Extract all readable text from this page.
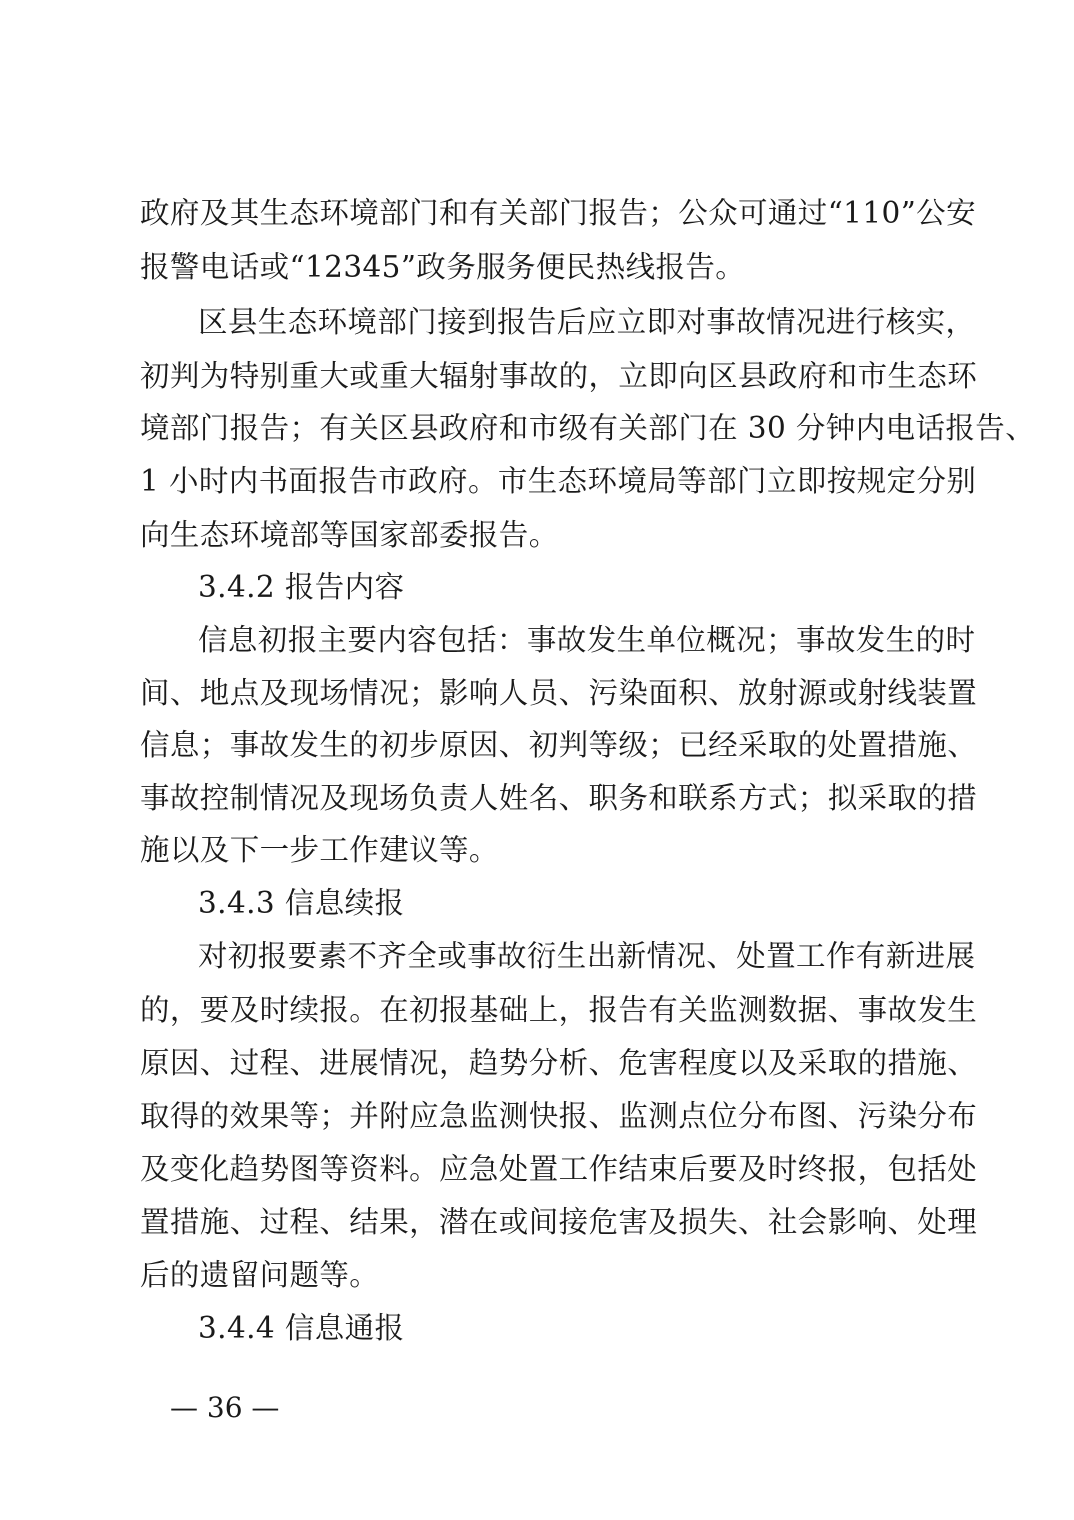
政府及其生态环境部门和有关部门报告；公众可通过“110”公安
报警电话或“12345”政务服务便民热线报告。
区县生态环境部门接到报告后应立即对事故情况进行核实，
初判为特别重大或重大辐射事故的，立即向区县政府和市生态环
境部门报告；有关区县政府和市级有关部门在 30 分钟内电话报告、
1 小时内书面报告市政府。市生态环境局等部门立即按规定分别
向生态环境部等国家部委报告。
3.4.2 报告内容
信息初报主要内容包括：事故发生单位概况；事故发生的时
间、地点及现场情况；影响人员、污染面积、放射源或射线装置
信息；事故发生的初步原因、初判等级；已经采取的处置措施、
事故控制情况及现场负责人姓名、职务和联系方式；拟采取的措
施以及下一步工作建议等。
3.4.3 信息续报
对初报要素不齐全或事故衍生出新情况、处置工作有新进展
的，要及时续报。在初报基础上，报告有关监测数据、事故发生
原因、过程、进展情况，趋势分析、危害程度以及采取的措施、
取得的效果等；并附应急监测快报、监测点位分布图、污染分布
及变化趋势图等资料。应急处置工作结束后要及时终报，包括处
置措施、过程、结果，潜在或间接危害及损失、社会影响、处理
后的遗留问题等。
3.4.4 信息通报
— 36 —
